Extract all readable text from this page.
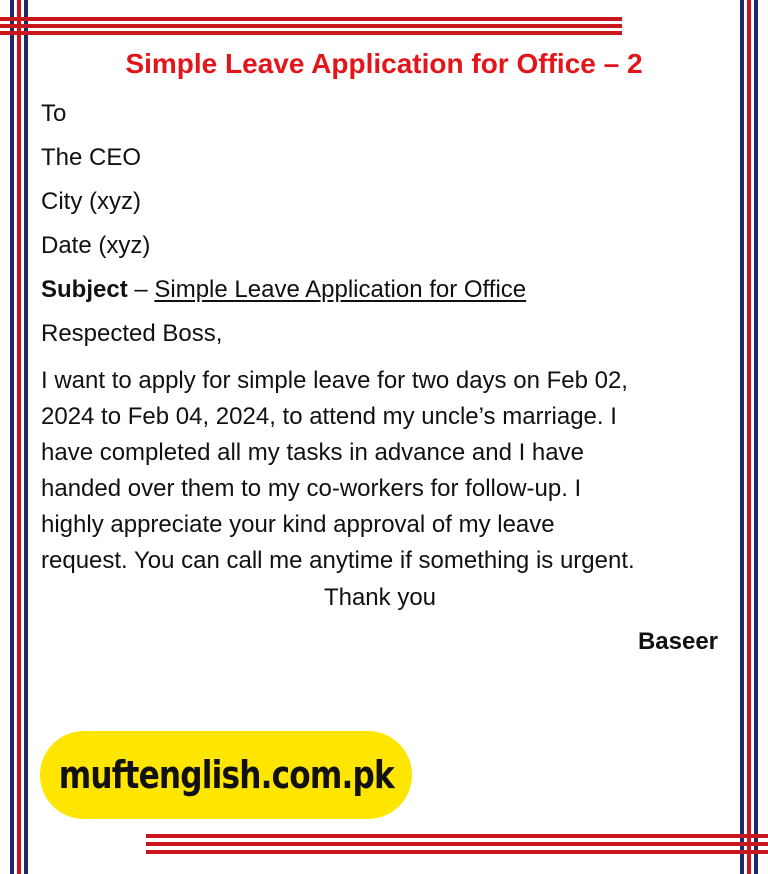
Simple Leave Application for Office – 2

To

The CEO

City (xyz)

Date (xyz)

Subject – Simple Leave Application for Office

Respected Boss,

I want to apply for simple leave for two days on Feb 02,
2024 to Feb 04, 2024, to attend my uncle’s marriage. I
have completed all my tasks in advance and I have
handed over them to my co-workers for follow-up. I
highly appreciate your kind approval of my leave
request. You can call me anytime if something is urgent.

Thank you

Baseer

muftenglish.com.pk
